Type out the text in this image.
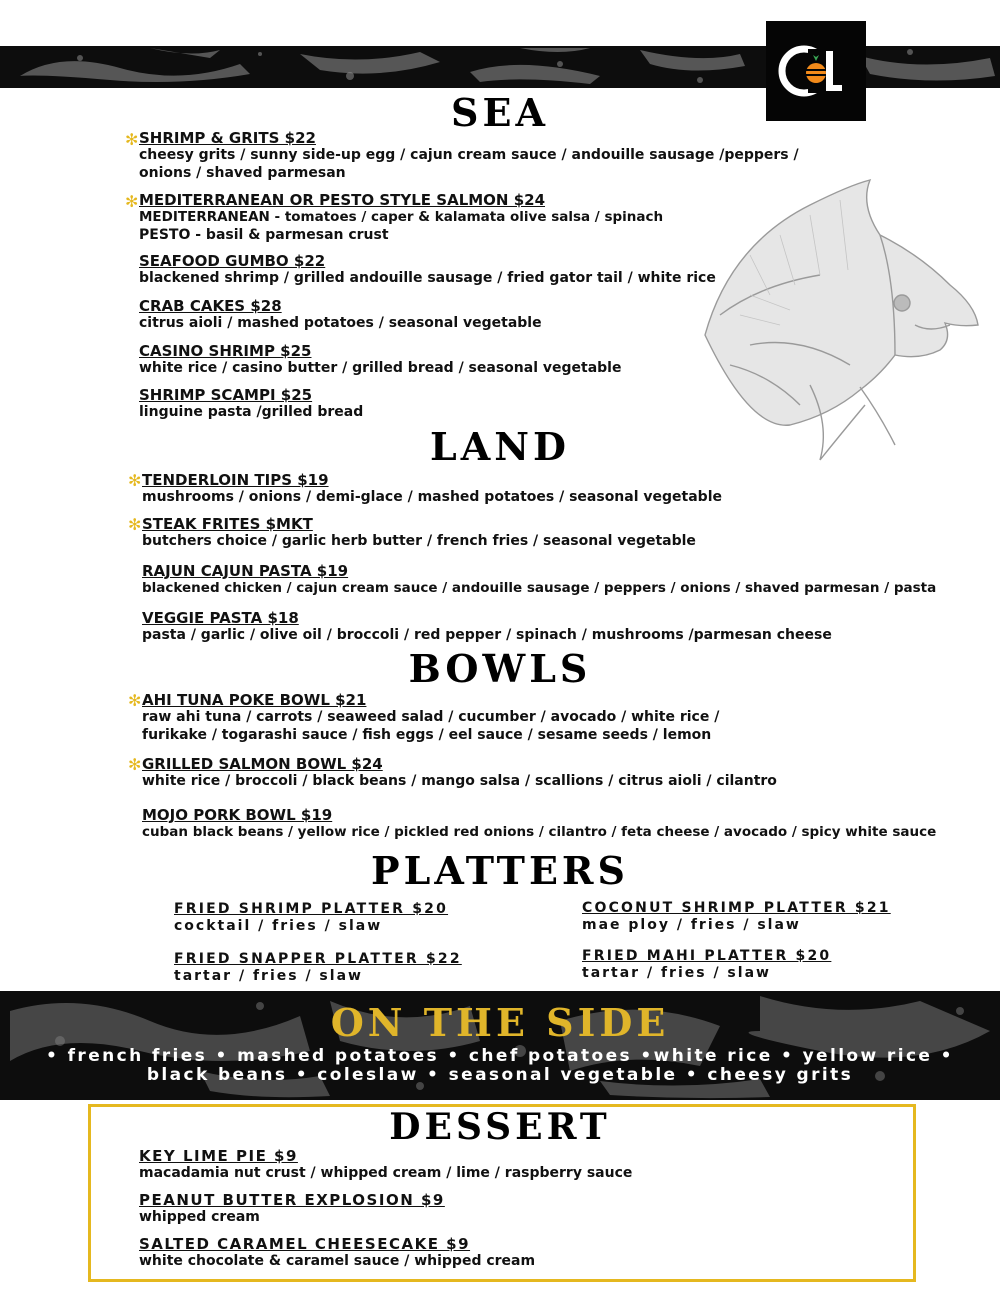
SEA
✻ SHRIMP & GRITS $22
cheesy grits / sunny side-up egg / cajun cream sauce / andouille sausage /peppers /
onions / shaved parmesan
✻ MEDITERRANEAN OR PESTO STYLE SALMON $24
MEDITERRANEAN - tomatoes / caper & kalamata olive salsa / spinach
PESTO - basil & parmesan crust
SEAFOOD GUMBO $22
blackened shrimp / grilled andouille sausage / fried gator tail / white rice
CRAB CAKES $28
citrus aioli / mashed potatoes / seasonal vegetable
CASINO SHRIMP $25
white rice / casino butter / grilled bread / seasonal vegetable
SHRIMP SCAMPI $25
linguine pasta /grilled bread
LAND
✻ TENDERLOIN TIPS $19
mushrooms / onions / demi-glace / mashed potatoes / seasonal vegetable
✻ STEAK FRITES $MKT
butchers choice / garlic herb butter / french fries / seasonal vegetable
RAJUN CAJUN PASTA $19
blackened chicken / cajun cream sauce / andouille sausage / peppers / onions / shaved parmesan / pasta
VEGGIE PASTA $18
pasta / garlic / olive oil / broccoli / red pepper / spinach / mushrooms /parmesan cheese
BOWLS
✻ AHI TUNA POKE BOWL $21
raw ahi tuna / carrots / seaweed salad / cucumber / avocado / white rice /
furikake / togarashi sauce / fish eggs / eel sauce / sesame seeds / lemon
✻ GRILLED SALMON BOWL $24
white rice / broccoli / black beans / mango salsa / scallions / citrus aioli / cilantro
MOJO PORK BOWL $19
cuban black beans / yellow rice / pickled red onions / cilantro / feta cheese / avocado / spicy white sauce
PLATTERS
FRIED SHRIMP PLATTER $20
cocktail / fries / slaw
FRIED SNAPPER PLATTER $22
tartar / fries / slaw
COCONUT SHRIMP PLATTER $21
mae ploy / fries / slaw
FRIED MAHI PLATTER $20
tartar / fries / slaw
ON THE SIDE
• french fries • mashed potatoes • chef potatoes •white rice • yellow rice •
black beans • coleslaw • seasonal vegetable • cheesy grits
DESSERT
KEY LIME PIE $9
macadamia nut crust / whipped cream / lime / raspberry sauce
PEANUT BUTTER EXPLOSION $9
whipped cream
SALTED CARAMEL CHEESECAKE $9
white chocolate & caramel sauce / whipped cream
